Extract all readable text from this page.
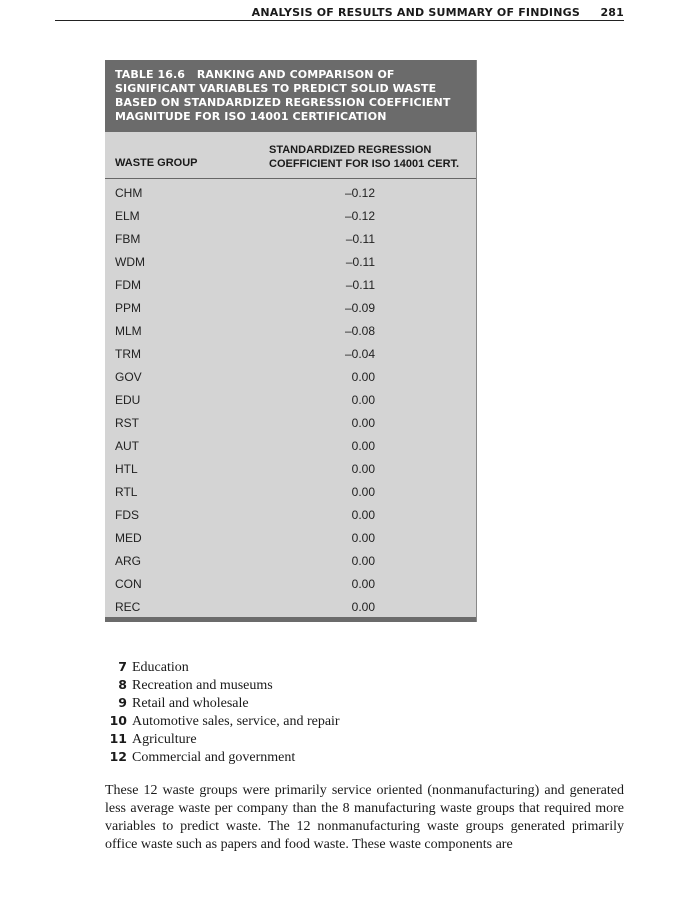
ANALYSIS OF RESULTS AND SUMMARY OF FINDINGS 281
TABLE 16.6   RANKING AND COMPARISON OF
SIGNIFICANT VARIABLES TO PREDICT SOLID WASTE
BASED ON STANDARDIZED REGRESSION COEFFICIENT
MAGNITUDE FOR ISO 14001 CERTIFICATION
WASTE GROUP
STANDARDIZED REGRESSION
COEFFICIENT FOR ISO 14001 CERT.
CHM	–0.12
ELM	–0.12
FBM	–0.11
WDM	–0.11
FDM	–0.11
PPM	–0.09
MLM	–0.08
TRM	–0.04
GOV	0.00
EDU	0.00
RST	0.00
AUT	0.00
HTL	0.00
RTL	0.00
FDS	0.00
MED	0.00
ARG	0.00
CON	0.00
REC	0.00
7 Education
8 Recreation and museums
9 Retail and wholesale
10 Automotive sales, service, and repair
11 Agriculture
12 Commercial and government
These 12 waste groups were primarily service oriented (nonmanufacturing) and generated less average waste per company than the 8 manufacturing waste groups that required more variables to predict waste. The 12 nonmanufacturing waste groups generated primarily office waste such as papers and food waste. These waste components are
